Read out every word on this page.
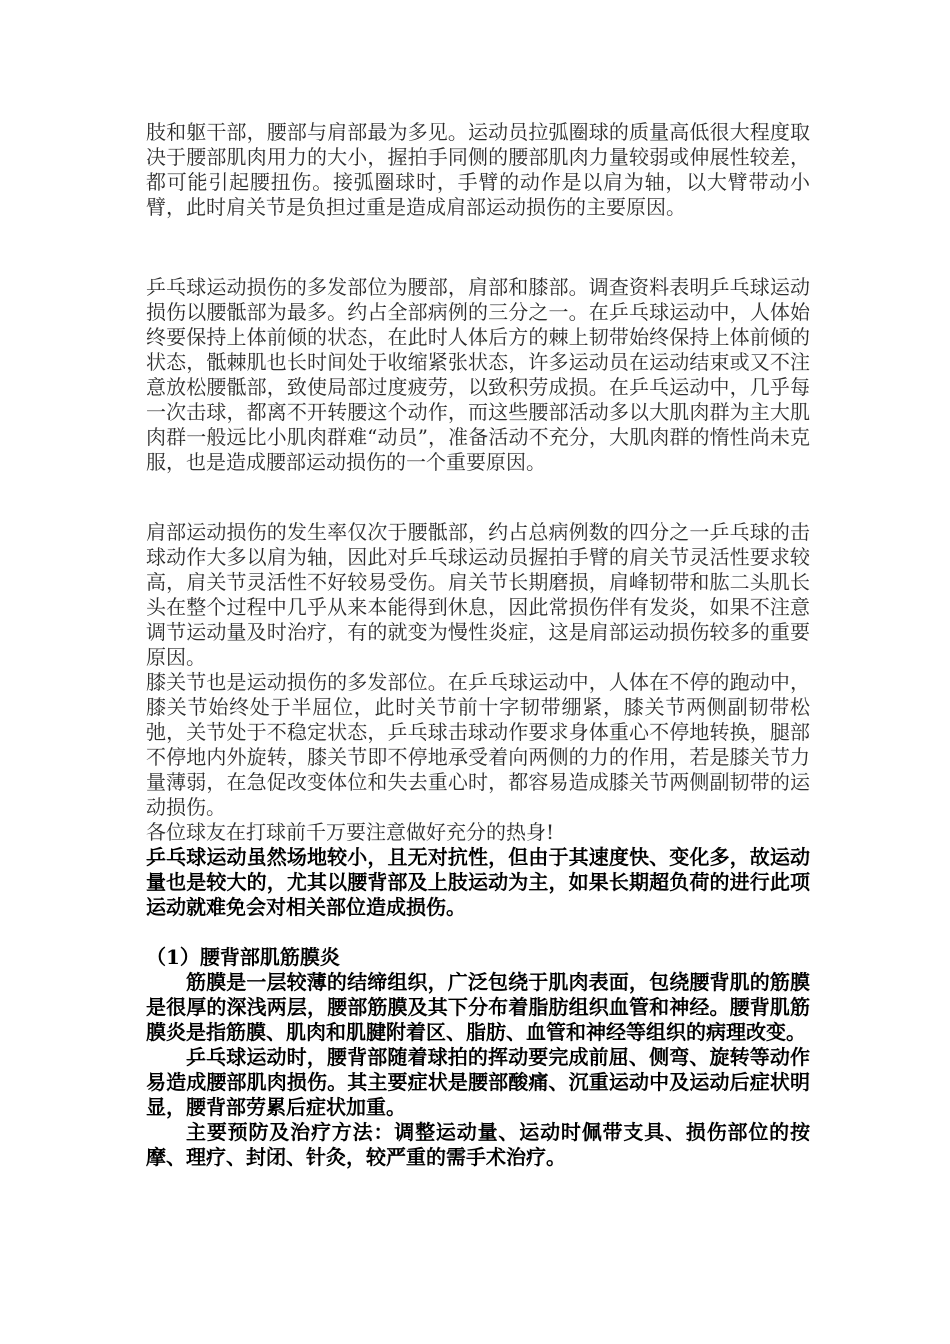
肢和躯干部，腰部与肩部最为多见。运动员拉弧圈球的质量高低很大程度取决于腰部肌肉用力的大小，握拍手同侧的腰部肌肉力量较弱或伸展性较差，都可能引起腰扭伤。接弧圈球时，手臂的动作是以肩为轴，以大臂带动小臂，此时肩关节是负担过重是造成肩部运动损伤的主要原因。

乒乓球运动损伤的多发部位为腰部，肩部和膝部。调查资料表明乒乓球运动损伤以腰骶部为最多。约占全部病例的三分之一。在乒乓球运动中，人体始终要保持上体前倾的状态，在此时人体后方的棘上韧带始终保持上体前倾的状态，骶棘肌也长时间处于收缩紧张状态，许多运动员在运动结束或又不注意放松腰骶部，致使局部过度疲劳，以致积劳成损。在乒乓运动中，几乎每一次击球，都离不开转腰这个动作，而这些腰部活动多以大肌肉群为主大肌肉群一般远比小肌肉群难“动员”，准备活动不充分，大肌肉群的惰性尚未克服，也是造成腰部运动损伤的一个重要原因。

肩部运动损伤的发生率仅次于腰骶部，约占总病例数的四分之一乒乓球的击球动作大多以肩为轴，因此对乒乓球运动员握拍手臂的肩关节灵活性要求较高，肩关节灵活性不好较易受伤。肩关节长期磨损，肩峰韧带和肱二头肌长头在整个过程中几乎从来本能得到休息，因此常损伤伴有发炎，如果不注意调节运动量及时治疗，有的就变为慢性炎症，这是肩部运动损伤较多的重要原因。

膝关节也是运动损伤的多发部位。在乒乓球运动中，人体在不停的跑动中，膝关节始终处于半屈位，此时关节前十字韧带绷紧，膝关节两侧副韧带松弛，关节处于不稳定状态，乒乓球击球动作要求身体重心不停地转换，腿部不停地内外旋转，膝关节即不停地承受着向两侧的力的作用，若是膝关节力量薄弱，在急促改变体位和失去重心时，都容易造成膝关节两侧副韧带的运动损伤。

各位球友在打球前千万要注意做好充分的热身!

乒乓球运动虽然场地较小，且无对抗性，但由于其速度快、变化多，故运动量也是较大的，尤其以腰背部及上肢运动为主，如果长期超负荷的进行此项运动就难免会对相关部位造成损伤。

（1）腰背部肌筋膜炎

筋膜是一层较薄的结缔组织，广泛包绕于肌肉表面，包绕腰背肌的筋膜是很厚的深浅两层，腰部筋膜及其下分布着脂肪组织血管和神经。腰背肌筋膜炎是指筋膜、肌肉和肌腱附着区、脂肪、血管和神经等组织的病理改变。

乒乓球运动时，腰背部随着球拍的挥动要完成前屈、侧弯、旋转等动作易造成腰部肌肉损伤。其主要症状是腰部酸痛、沉重运动中及运动后症状明显，腰背部劳累后症状加重。

主要预防及治疗方法：调整运动量、运动时佩带支具、损伤部位的按摩、理疗、封闭、针灸，较严重的需手术治疗。
